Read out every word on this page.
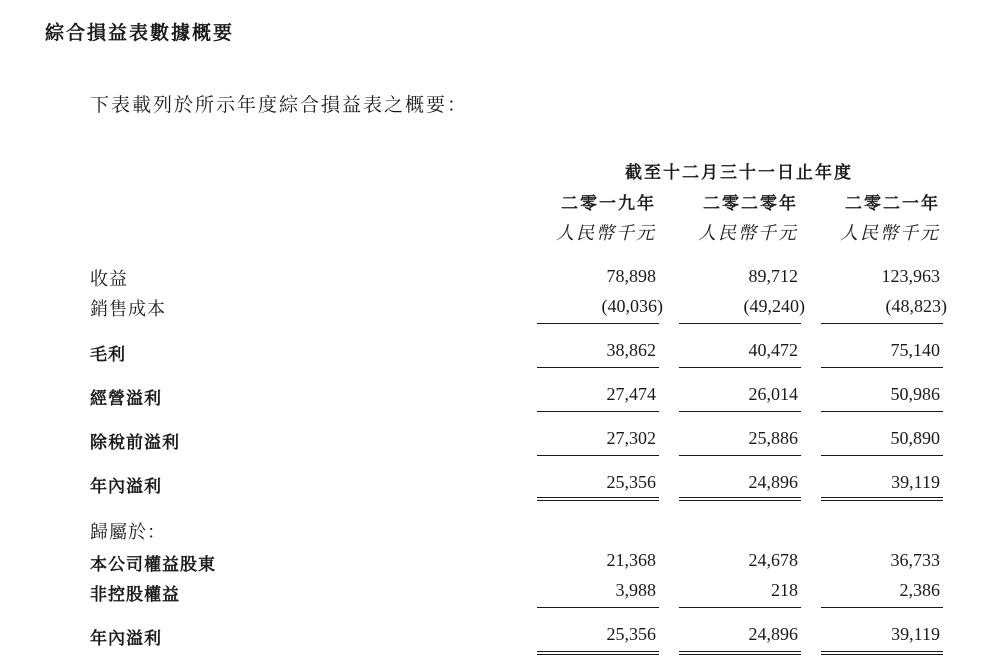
綜合損益表數據概要
下表載列於所示年度綜合損益表之概要：
截至十二月三十一日止年度
二零一九年	二零二零年	二零二一年
人民幣千元	人民幣千元	人民幣千元
收益	78,898	89,712	123,963
銷售成本	(40,036)	(49,240)	(48,823)
毛利	38,862	40,472	75,140
經營溢利	27,474	26,014	50,986
除稅前溢利	27,302	25,886	50,890
年內溢利	25,356	24,896	39,119
歸屬於：
本公司權益股東	21,368	24,678	36,733
非控股權益	3,988	218	2,386
年內溢利	25,356	24,896	39,119
